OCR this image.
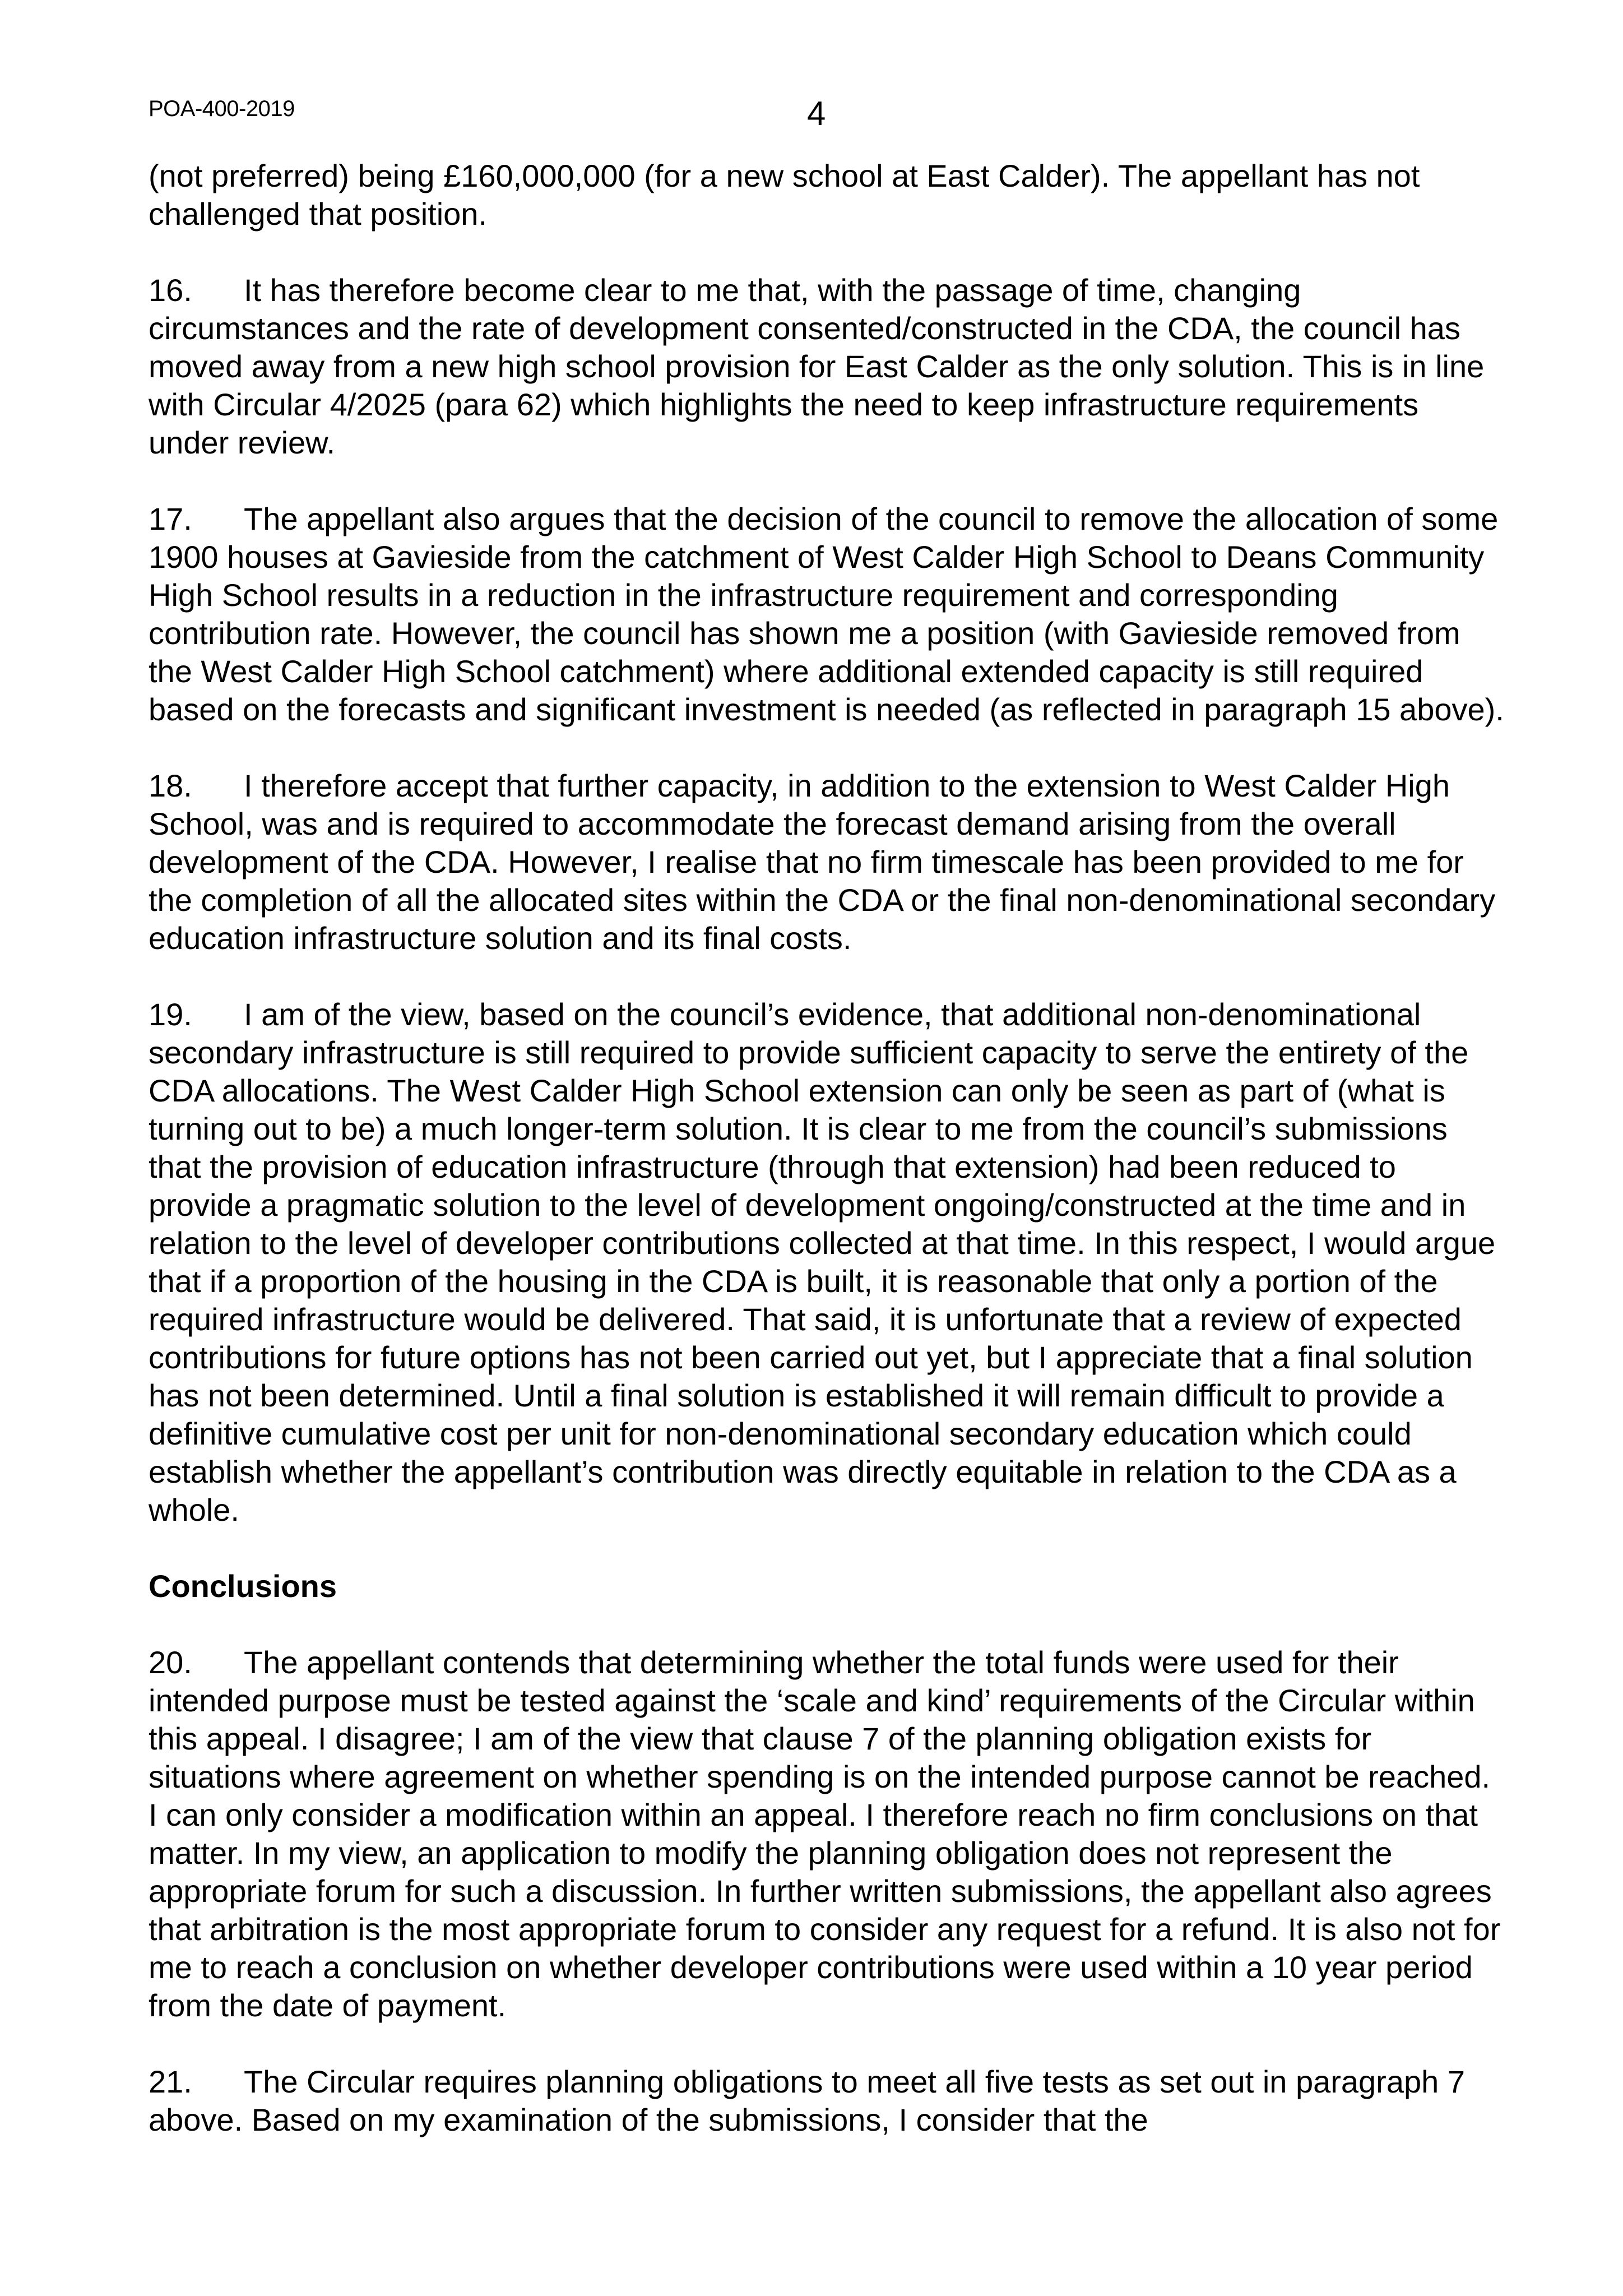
POA-400-2019	4

(not preferred) being £160,000,000 (for a new school at East Calder). The appellant has not challenged that position.

16. It has therefore become clear to me that, with the passage of time, changing circumstances and the rate of development consented/constructed in the CDA, the council has moved away from a new high school provision for East Calder as the only solution. This is in line with Circular 4/2025 (para 62) which highlights the need to keep infrastructure requirements under review.

17. The appellant also argues that the decision of the council to remove the allocation of some 1900 houses at Gavieside from the catchment of West Calder High School to Deans Community High School results in a reduction in the infrastructure requirement and corresponding contribution rate. However, the council has shown me a position (with Gavieside removed from the West Calder High School catchment) where additional extended capacity is still required based on the forecasts and significant investment is needed (as reflected in paragraph 15 above).

18. I therefore accept that further capacity, in addition to the extension to West Calder High School, was and is required to accommodate the forecast demand arising from the overall development of the CDA. However, I realise that no firm timescale has been provided to me for the completion of all the allocated sites within the CDA or the final non-denominational secondary education infrastructure solution and its final costs.

19. I am of the view, based on the council’s evidence, that additional non-denominational secondary infrastructure is still required to provide sufficient capacity to serve the entirety of the CDA allocations. The West Calder High School extension can only be seen as part of (what is turning out to be) a much longer-term solution. It is clear to me from the council’s submissions that the provision of education infrastructure (through that extension) had been reduced to provide a pragmatic solution to the level of development ongoing/constructed at the time and in relation to the level of developer contributions collected at that time. In this respect, I would argue that if a proportion of the housing in the CDA is built, it is reasonable that only a portion of the required infrastructure would be delivered. That said, it is unfortunate that a review of expected contributions for future options has not been carried out yet, but I appreciate that a final solution has not been determined. Until a final solution is established it will remain difficult to provide a definitive cumulative cost per unit for non-denominational secondary education which could establish whether the appellant’s contribution was directly equitable in relation to the CDA as a whole.

Conclusions

20. The appellant contends that determining whether the total funds were used for their intended purpose must be tested against the ‘scale and kind’ requirements of the Circular within this appeal. I disagree; I am of the view that clause 7 of the planning obligation exists for situations where agreement on whether spending is on the intended purpose cannot be reached. I can only consider a modification within an appeal. I therefore reach no firm conclusions on that matter. In my view, an application to modify the planning obligation does not represent the appropriate forum for such a discussion. In further written submissions, the appellant also agrees that arbitration is the most appropriate forum to consider any request for a refund. It is also not for me to reach a conclusion on whether developer contributions were used within a 10 year period from the date of payment.

21. The Circular requires planning obligations to meet all five tests as set out in paragraph 7 above. Based on my examination of the submissions, I consider that the
